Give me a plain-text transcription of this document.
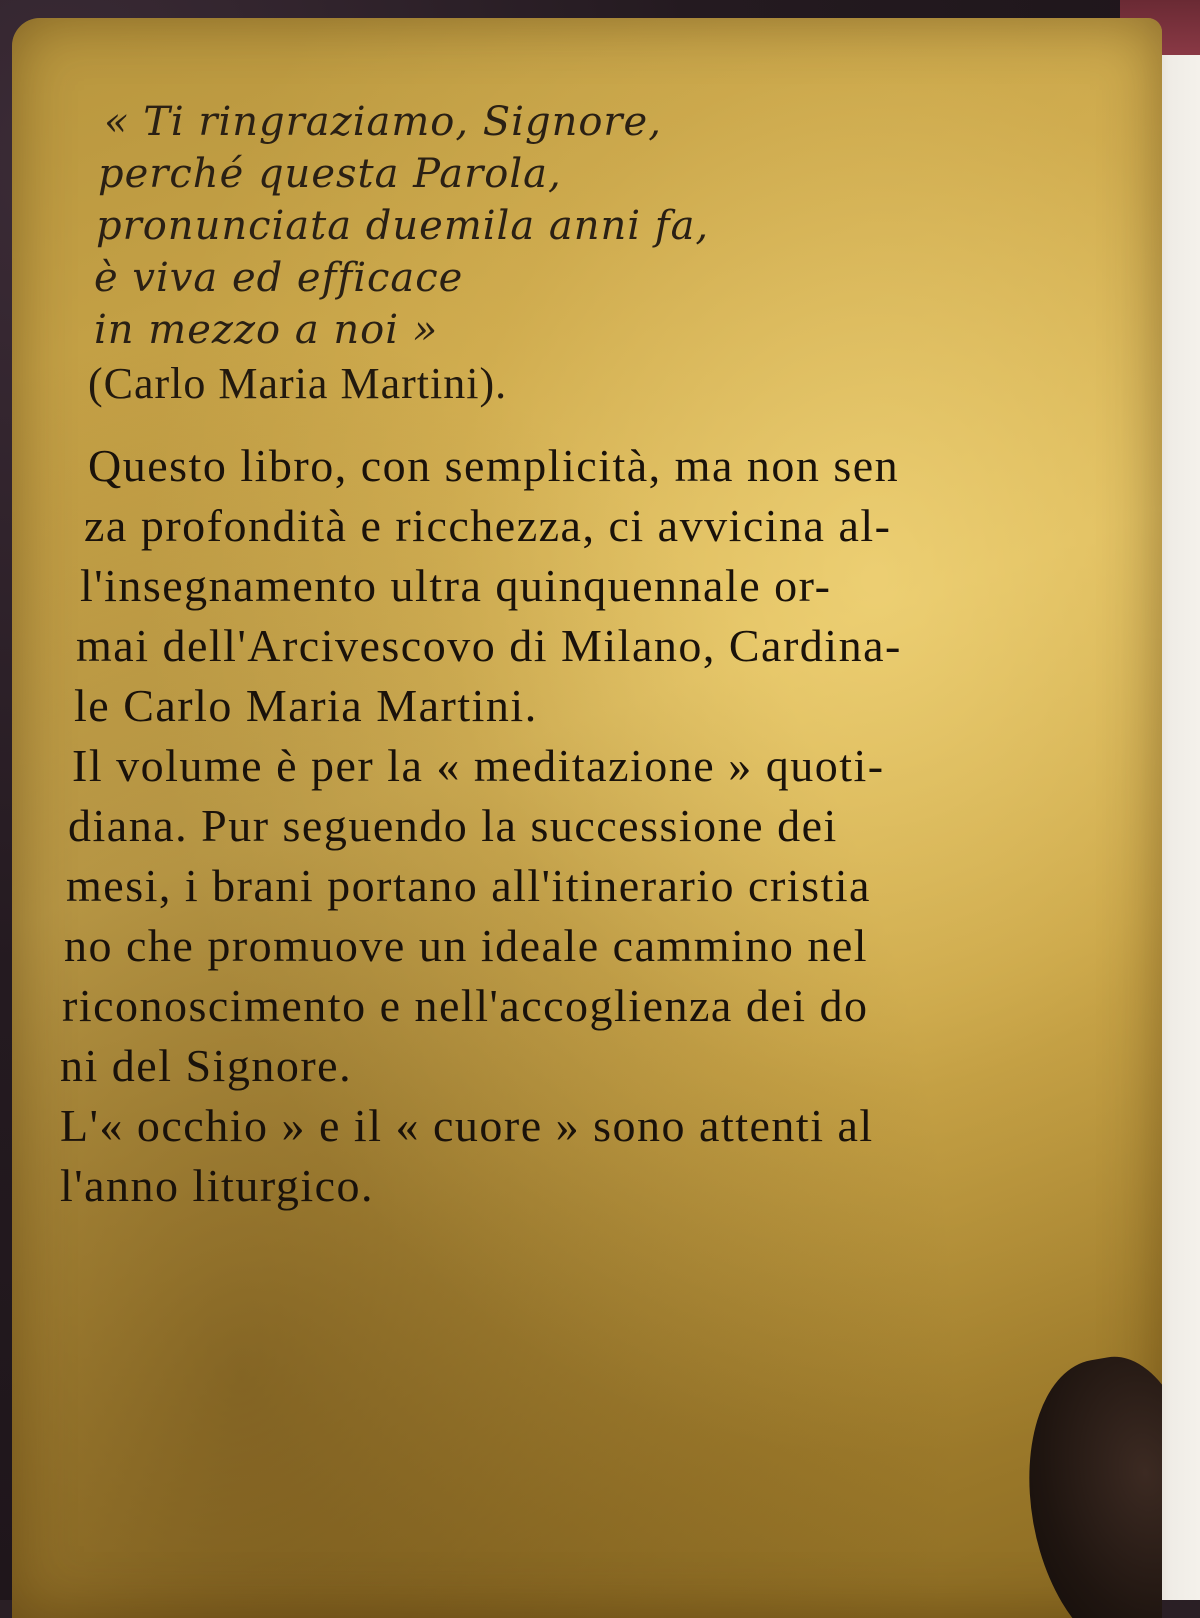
« Ti ringraziamo, Signore,
perché questa Parola,
pronunciata duemila anni fa,
è viva ed efficace
in mezzo a noi »
(Carlo Maria Martini).
Questo libro, con semplicità, ma non sen
za profondità e ricchezza, ci avvicina al-
l'insegnamento ultra quinquennale or-
mai dell'Arcivescovo di Milano, Cardina-
le Carlo Maria Martini.
Il volume è per la « meditazione » quoti-
diana. Pur seguendo la successione dei
mesi, i brani portano all'itinerario cristia
no che promuove un ideale cammino nel
riconoscimento e nell'accoglienza dei do
ni del Signore.
L'« occhio » e il « cuore » sono attenti al
l'anno liturgico.
